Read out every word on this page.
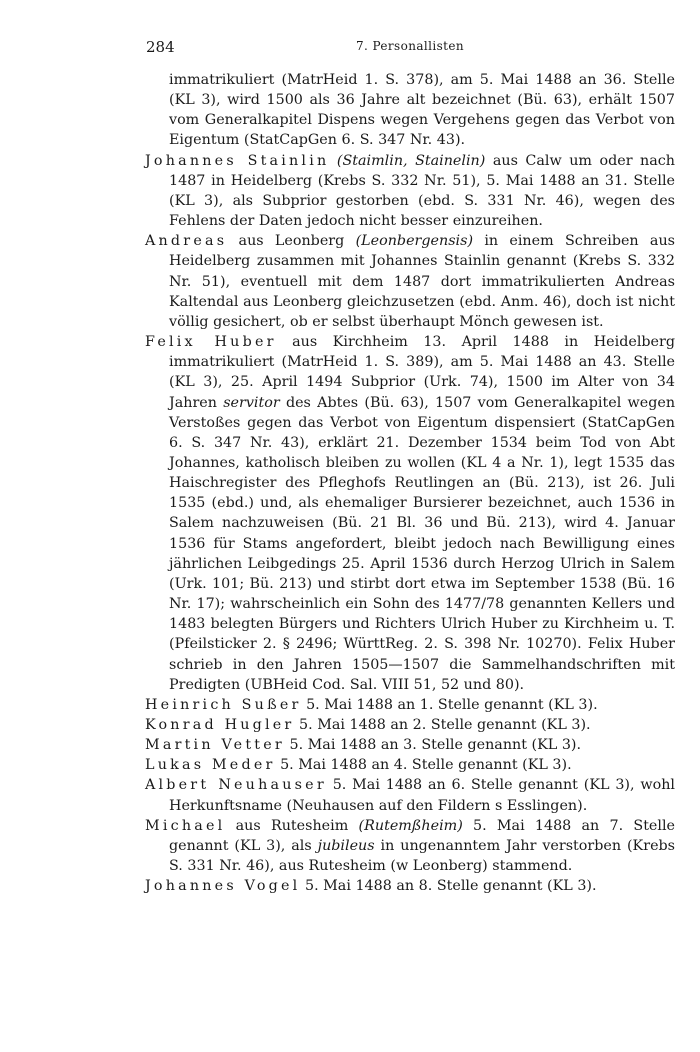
284	7. Personallisten

immatrikuliert (MatrHeid 1. S. 378), am 5. Mai 1488 an 36. Stelle (KL 3), wird 1500 als 36 Jahre alt bezeichnet (Bü. 63), erhält 1507 vom Generalkapitel Dispens wegen Vergehens gegen das Verbot von Eigentum (StatCapGen 6. S. 347 Nr. 43).

Johannes Stainlin (Staimlin, Stainelin) aus Calw um oder nach 1487 in Heidelberg (Krebs S. 332 Nr. 51), 5. Mai 1488 an 31. Stelle (KL 3), als Subprior gestorben (ebd. S. 331 Nr. 46), wegen des Fehlens der Daten jedoch nicht besser einzureihen.

Andreas aus Leonberg (Leonbergensis) in einem Schreiben aus Heidelberg zusammen mit Johannes Stainlin genannt (Krebs S. 332 Nr. 51), eventuell mit dem 1487 dort immatrikulierten Andreas Kaltendal aus Leonberg gleichzusetzen (ebd. Anm. 46), doch ist nicht völlig gesichert, ob er selbst überhaupt Mönch gewesen ist.

Felix Huber aus Kirchheim 13. April 1488 in Heidelberg immatrikuliert (MatrHeid 1. S. 389), am 5. Mai 1488 an 43. Stelle (KL 3), 25. April 1494 Subprior (Urk. 74), 1500 im Alter von 34 Jahren servitor des Abtes (Bü. 63), 1507 vom Generalkapitel wegen Verstoßes gegen das Verbot von Eigentum dispensiert (StatCapGen 6. S. 347 Nr. 43), erklärt 21. Dezember 1534 beim Tod von Abt Johannes, katholisch bleiben zu wollen (KL 4 a Nr. 1), legt 1535 das Haischregister des Pfleghofs Reutlingen an (Bü. 213), ist 26. Juli 1535 (ebd.) und, als ehemaliger Bursierer bezeichnet, auch 1536 in Salem nachzuweisen (Bü. 21 Bl. 36 und Bü. 213), wird 4. Januar 1536 für Stams angefordert, bleibt jedoch nach Bewilligung eines jährlichen Leibgedings 25. April 1536 durch Herzog Ulrich in Salem (Urk. 101; Bü. 213) und stirbt dort etwa im September 1538 (Bü. 16 Nr. 17); wahrscheinlich ein Sohn des 1477/78 genannten Kellers und 1483 belegten Bürgers und Richters Ulrich Huber zu Kirchheim u. T. (Pfeilsticker 2. § 2496; WürttReg. 2. S. 398 Nr. 10270). Felix Huber schrieb in den Jahren 1505—1507 die Sammelhandschriften mit Predigten (UBHeid Cod. Sal. VIII 51, 52 und 80).

Heinrich Sußer 5. Mai 1488 an 1. Stelle genannt (KL 3).

Konrad Hugler 5. Mai 1488 an 2. Stelle genannt (KL 3).

Martin Vetter 5. Mai 1488 an 3. Stelle genannt (KL 3).

Lukas Meder 5. Mai 1488 an 4. Stelle genannt (KL 3).

Albert Neuhauser 5. Mai 1488 an 6. Stelle genannt (KL 3), wohl Herkunftsname (Neuhausen auf den Fildern s Esslingen).

Michael aus Rutesheim (Rutemßheim) 5. Mai 1488 an 7. Stelle genannt (KL 3), als jubileus in ungenanntem Jahr verstorben (Krebs S. 331 Nr. 46), aus Rutesheim (w Leonberg) stammend.

Johannes Vogel 5. Mai 1488 an 8. Stelle genannt (KL 3).
